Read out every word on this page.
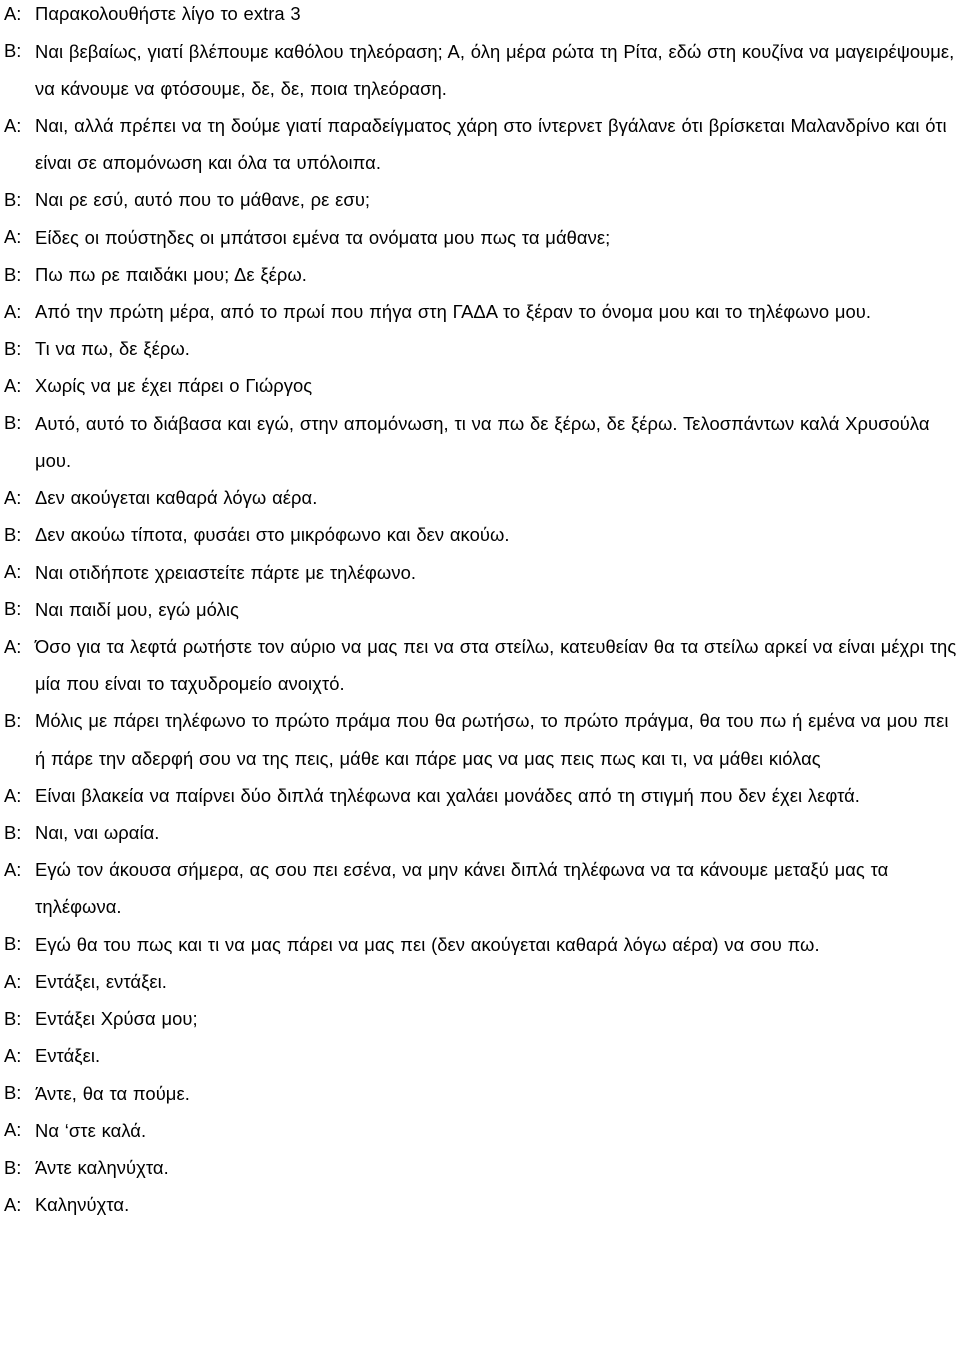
Α: Παρακολουθήστε λίγο το extra 3
Β: Ναι βεβαίως, γιατί βλέπουμε καθόλου τηλεόραση; Α, όλη μέρα ρώτα τη Ρίτα, εδώ στη κουζίνα να μαγειρέψουμε, να κάνουμε να φτόσουμε, δε, δε, ποια τηλεόραση.
Α: Ναι, αλλά πρέπει να τη δούμε γιατί παραδείγματος χάρη στο ίντερνετ βγάλανε ότι βρίσκεται Μαλανδρίνο και ότι είναι σε απομόνωση και όλα τα υπόλοιπα.
Β: Ναι ρε εσύ, αυτό που το μάθανε, ρε εσυ;
Α: Είδες οι πούστηδες οι μπάτσοι εμένα τα ονόματα μου πως τα μάθανε;
Β: Πω πω ρε παιδάκι μου; Δε ξέρω.
Α: Από την πρώτη μέρα, από το πρωί που πήγα στη ΓΑΔΑ το ξέραν το όνομα μου και το τηλέφωνο μου.
Β: Τι να πω, δε ξέρω.
Α: Χωρίς να με έχει πάρει ο Γιώργος
Β: Αυτό, αυτό το διάβασα και εγώ, στην απομόνωση, τι να πω δε ξέρω, δε ξέρω. Τελοσπάντων καλά Χρυσούλα μου.
Α: Δεν ακούγεται καθαρά λόγω αέρα.
Β: Δεν ακούω τίποτα, φυσάει στο μικρόφωνο και δεν ακούω.
Α: Ναι οτιδήποτε χρειαστείτε πάρτε με τηλέφωνο.
Β: Ναι παιδί μου, εγώ μόλις
Α: Όσο για τα λεφτά ρωτήστε τον αύριο να μας πει να στα στείλω, κατευθείαν θα τα στείλω αρκεί να είναι μέχρι της μία που είναι το ταχυδρομείο ανοιχτό.
Β: Μόλις με πάρει τηλέφωνο το πρώτο πράμα που θα ρωτήσω, το πρώτο πράγμα, θα του πω ή εμένα να μου πει ή πάρε την αδερφή σου να της πεις, μάθε και πάρε μας να μας πεις πως και τι, να μάθει κιόλας
Α: Είναι βλακεία να παίρνει δύο διπλά τηλέφωνα και χαλάει μονάδες από τη στιγμή που δεν έχει λεφτά.
Β: Ναι, ναι ωραία.
Α: Εγώ τον άκουσα σήμερα, ας σου πει εσένα, να μην κάνει διπλά τηλέφωνα να τα κάνουμε μεταξύ μας τα τηλέφωνα.
Β: Εγώ θα του πως και τι να μας πάρει να μας πει (δεν ακούγεται καθαρά λόγω αέρα) να σου πω.
Α: Εντάξει, εντάξει.
Β: Εντάξει Χρύσα μου;
Α: Εντάξει.
Β: Άντε, θα τα πούμε.
Α: Να ‘στε καλά.
Β: Άντε καληνύχτα.
Α: Καληνύχτα.
